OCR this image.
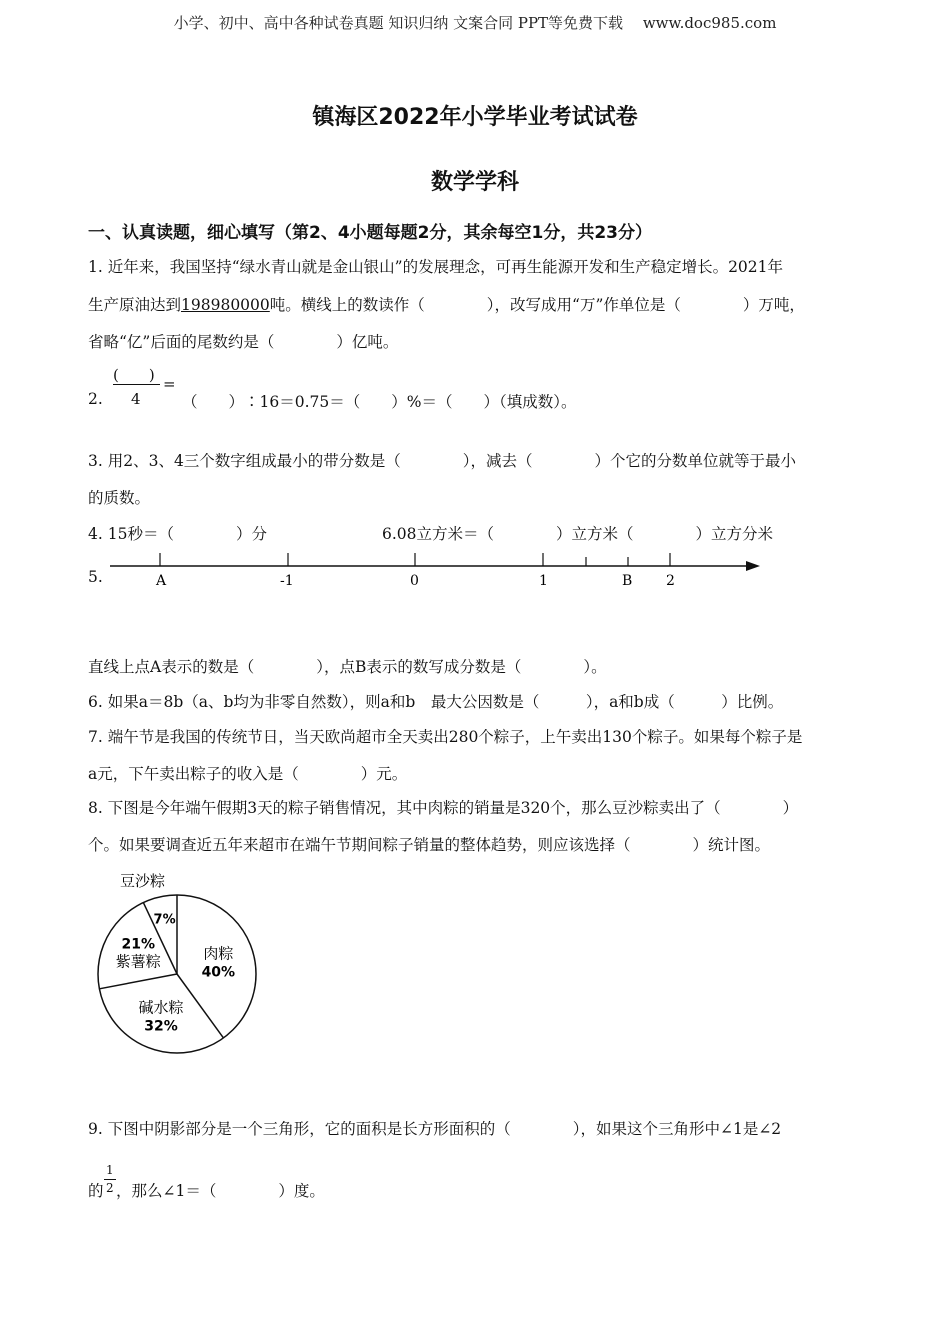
小学、初中、高中各种试卷真题 知识归纳 文案合同 PPT等免费下载　 www.doc985.com
镇海区2022年小学毕业考试试卷
数学学科
一、认真读题，细心填写（第2、4小题每题2分，其余每空1分，共23分）
1. 近年来，我国坚持“绿水青山就是金山银山”的发展理念，可再生能源开发和生产稳定增长。2021年
生产原油达到198980000吨。横线上的数读作（　　　　），改写成用“万”作单位是（　　　　）万吨，
省略“亿”后面的尾数约是（　　　　）亿吨。
2.
(　　)
4
=
（　　）∶16＝0.75＝（　　）%＝（　　）（填成数）。
3. 用2、3、4三个数字组成最小的带分数是（　　　　），减去（　　　　）个它的分数单位就等于最小
的质数。
4. 15秒＝（　　　　）分	6.08立方米＝（　　　　）立方米（　　　　）立方分米
5.	A	-1	0	1	B 2
直线上点A表示的数是（　　　　），点B表示的数写成分数是（　　　　）。
6. 如果a＝8b（a、b均为非零自然数），则a和b　最大公因数是（　　　），a和b成（　　　）比例。
7. 端午节是我国的传统节日，当天欧尚超市全天卖出280个粽子，上午卖出130个粽子。如果每个粽子是
a元，下午卖出粽子的收入是（　　　　）元。
8. 下图是今年端午假期3天的粽子销售情况，其中肉粽的销量是320个，那么豆沙粽卖出了（　　　　）
个。如果要调查近五年来超市在端午节期间粽子销量的整体趋势，则应该选择（　　　　）统计图。
肉粽
40%
碱水粽
32%
紫薯粽
21%
7%
豆沙粽
9. 下图中阴影部分是一个三角形，它的面积是长方形面积的（　　　　），如果这个三角形中∠1是∠2
的
1
2 ，那么∠1＝（　　　　）度。
